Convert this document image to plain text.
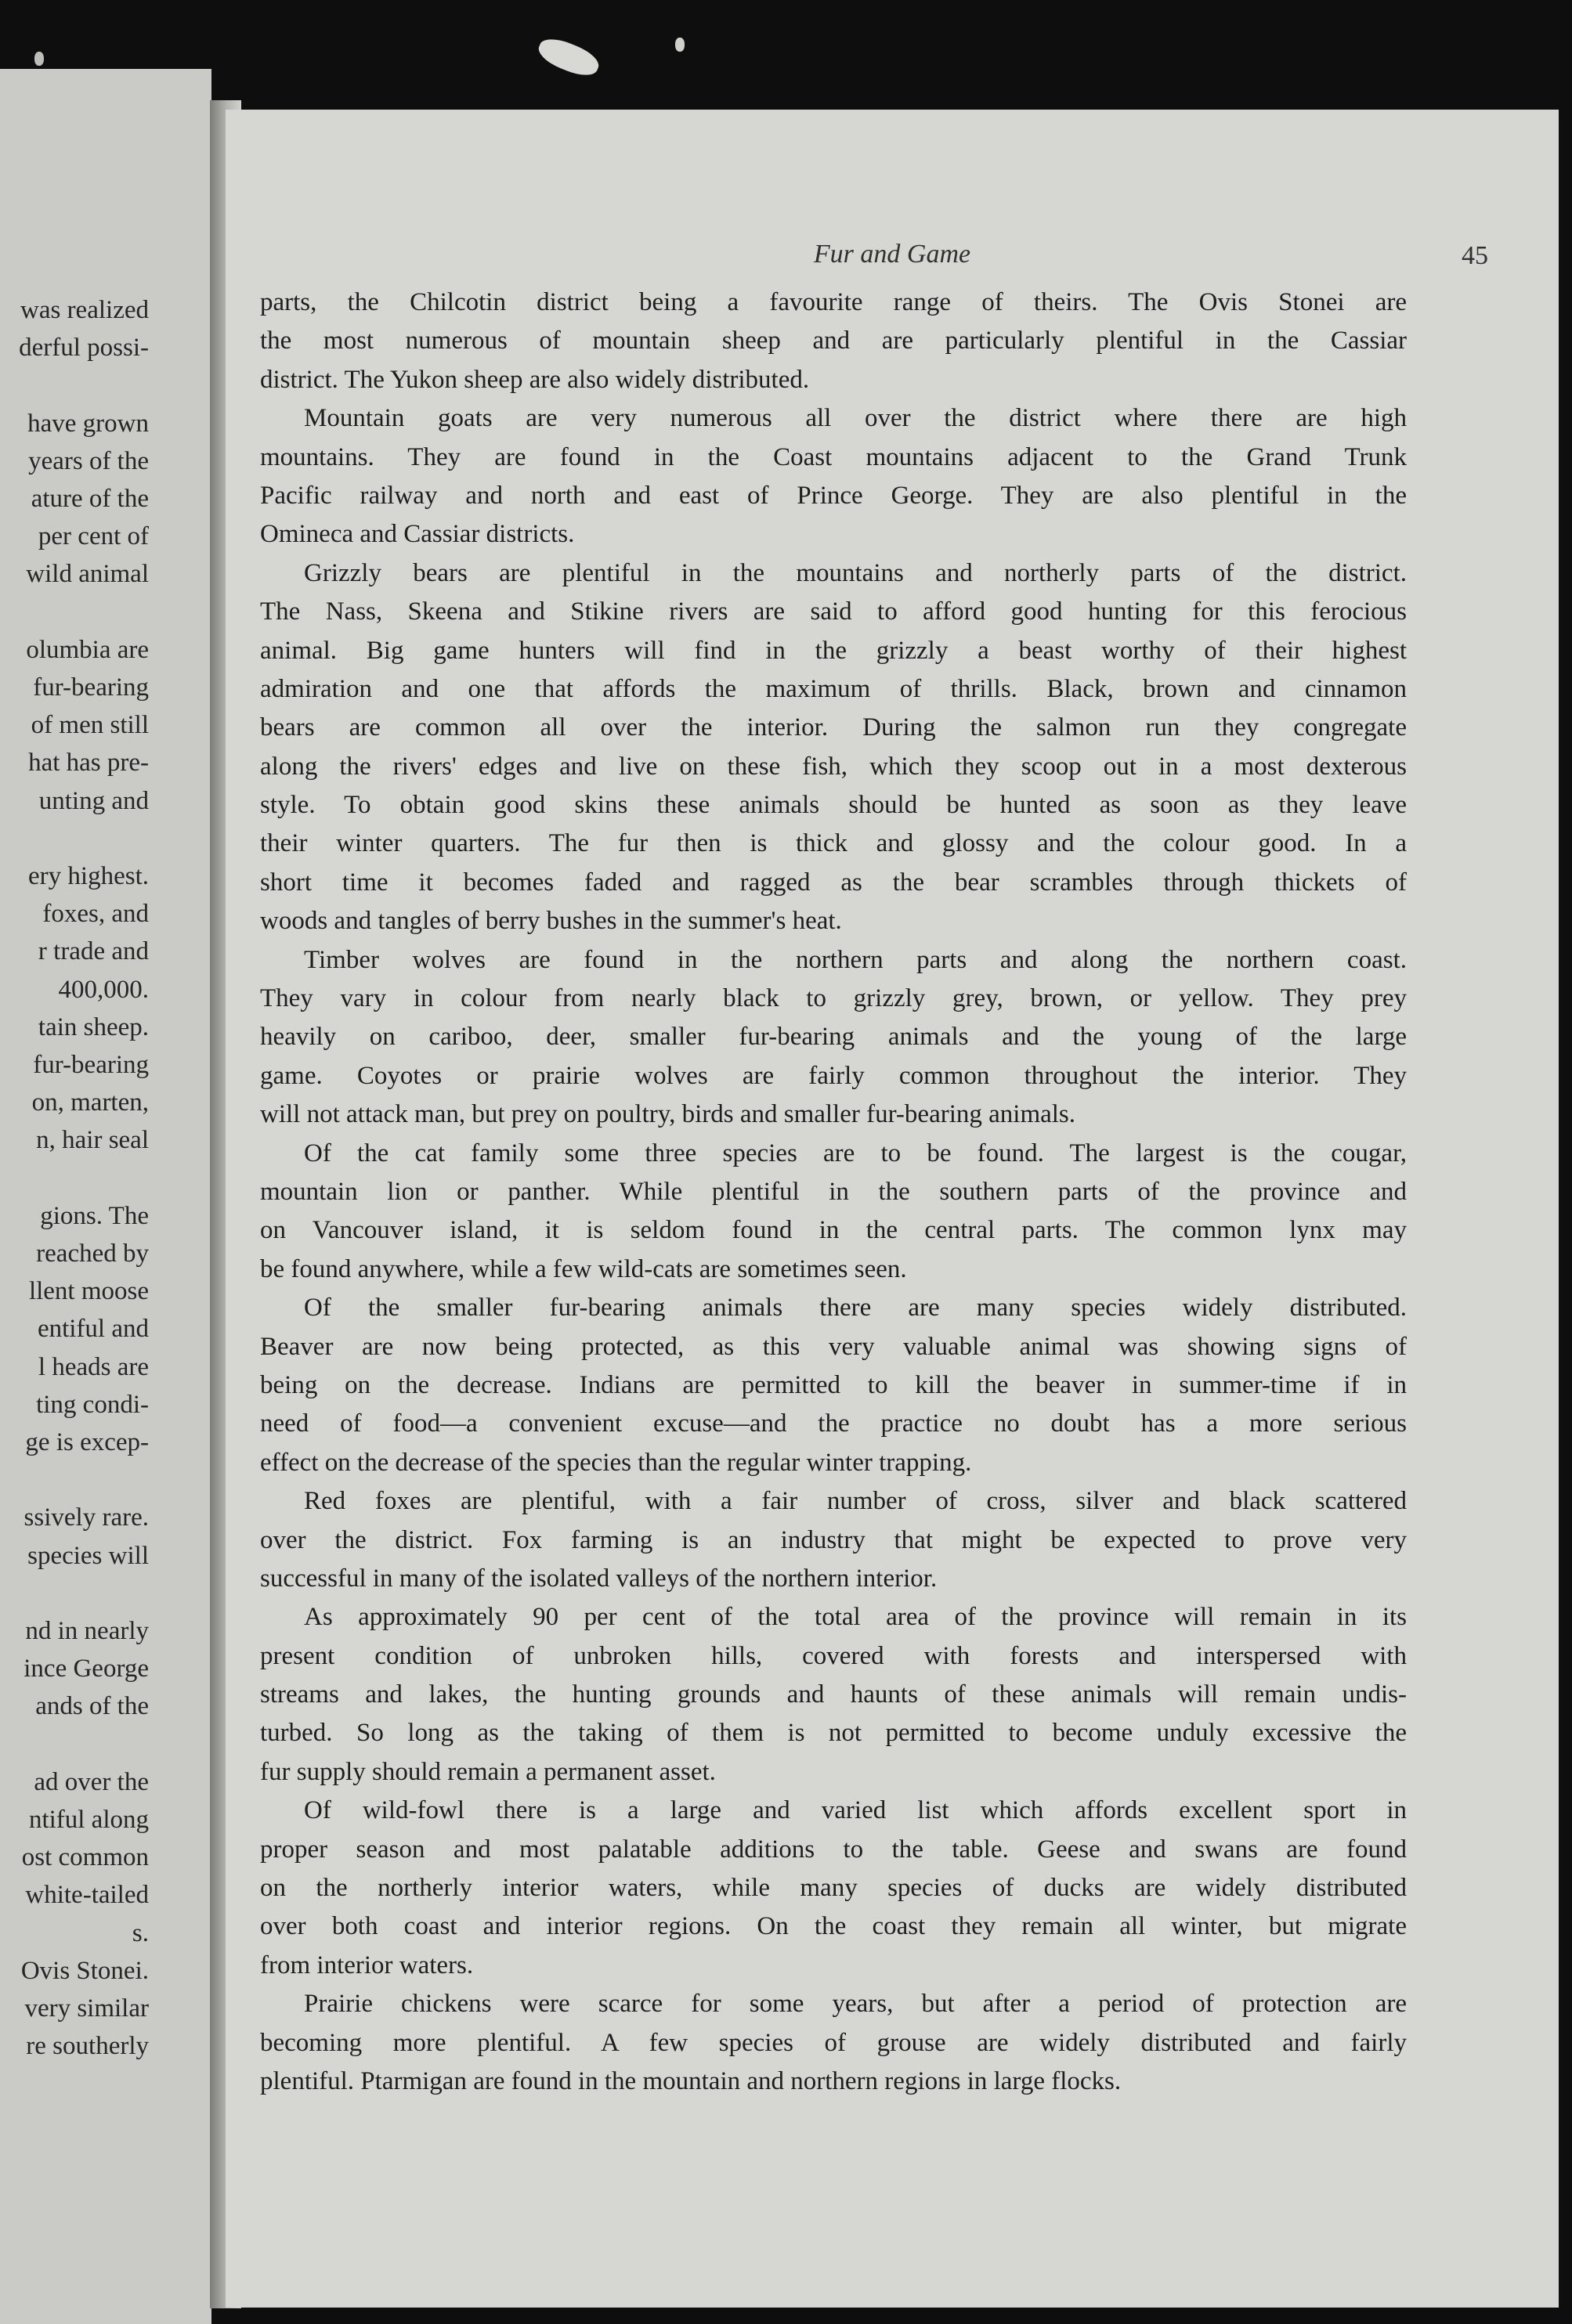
was realized
derful possi-
have grown
years of the
ature of the
per cent of
wild animal
olumbia are
fur-bearing
of men still
hat has pre-
unting and
ery highest.
foxes, and
r trade and
400,000.
tain sheep.
fur-bearing
on, marten,
n, hair seal
gions. The
reached by
llent moose
entiful and
l heads are
ting condi-
ge is excep-
ssively rare.
species will
nd in nearly
ince George
ands of the
ad over the
ntiful along
ost common
white-tailed
s.
Ovis Stonei.
very similar
re southerly
Fur and Game	45
parts, the Chilcotin district being a favourite range of theirs. The Ovis Stonei are
the most numerous of mountain sheep and are particularly plentiful in the Cassiar
district. The Yukon sheep are also widely distributed.
Mountain goats are very numerous all over the district where there are high
mountains. They are found in the Coast mountains adjacent to the Grand Trunk
Pacific railway and north and east of Prince George. They are also plentiful in the
Omineca and Cassiar districts.
Grizzly bears are plentiful in the mountains and northerly parts of the district.
The Nass, Skeena and Stikine rivers are said to afford good hunting for this ferocious
animal. Big game hunters will find in the grizzly a beast worthy of their highest
admiration and one that affords the maximum of thrills. Black, brown and cinnamon
bears are common all over the interior. During the salmon run they congregate
along the rivers' edges and live on these fish, which they scoop out in a most dexterous
style. To obtain good skins these animals should be hunted as soon as they leave
their winter quarters. The fur then is thick and glossy and the colour good. In a
short time it becomes faded and ragged as the bear scrambles through thickets of
woods and tangles of berry bushes in the summer's heat.
Timber wolves are found in the northern parts and along the northern coast.
They vary in colour from nearly black to grizzly grey, brown, or yellow. They prey
heavily on cariboo, deer, smaller fur-bearing animals and the young of the large
game. Coyotes or prairie wolves are fairly common throughout the interior. They
will not attack man, but prey on poultry, birds and smaller fur-bearing animals.
Of the cat family some three species are to be found. The largest is the cougar,
mountain lion or panther. While plentiful in the southern parts of the province and
on Vancouver island, it is seldom found in the central parts. The common lynx may
be found anywhere, while a few wild-cats are sometimes seen.
Of the smaller fur-bearing animals there are many species widely distributed.
Beaver are now being protected, as this very valuable animal was showing signs of
being on the decrease. Indians are permitted to kill the beaver in summer-time if in
need of food—a convenient excuse—and the practice no doubt has a more serious
effect on the decrease of the species than the regular winter trapping.
Red foxes are plentiful, with a fair number of cross, silver and black scattered
over the district. Fox farming is an industry that might be expected to prove very
successful in many of the isolated valleys of the northern interior.
As approximately 90 per cent of the total area of the province will remain in its
present condition of unbroken hills, covered with forests and interspersed with
streams and lakes, the hunting grounds and haunts of these animals will remain undis-
turbed. So long as the taking of them is not permitted to become unduly excessive the
fur supply should remain a permanent asset.
Of wild-fowl there is a large and varied list which affords excellent sport in
proper season and most palatable additions to the table. Geese and swans are found
on the northerly interior waters, while many species of ducks are widely distributed
over both coast and interior regions. On the coast they remain all winter, but migrate
from interior waters.
Prairie chickens were scarce for some years, but after a period of protection are
becoming more plentiful. A few species of grouse are widely distributed and fairly
plentiful. Ptarmigan are found in the mountain and northern regions in large flocks.
